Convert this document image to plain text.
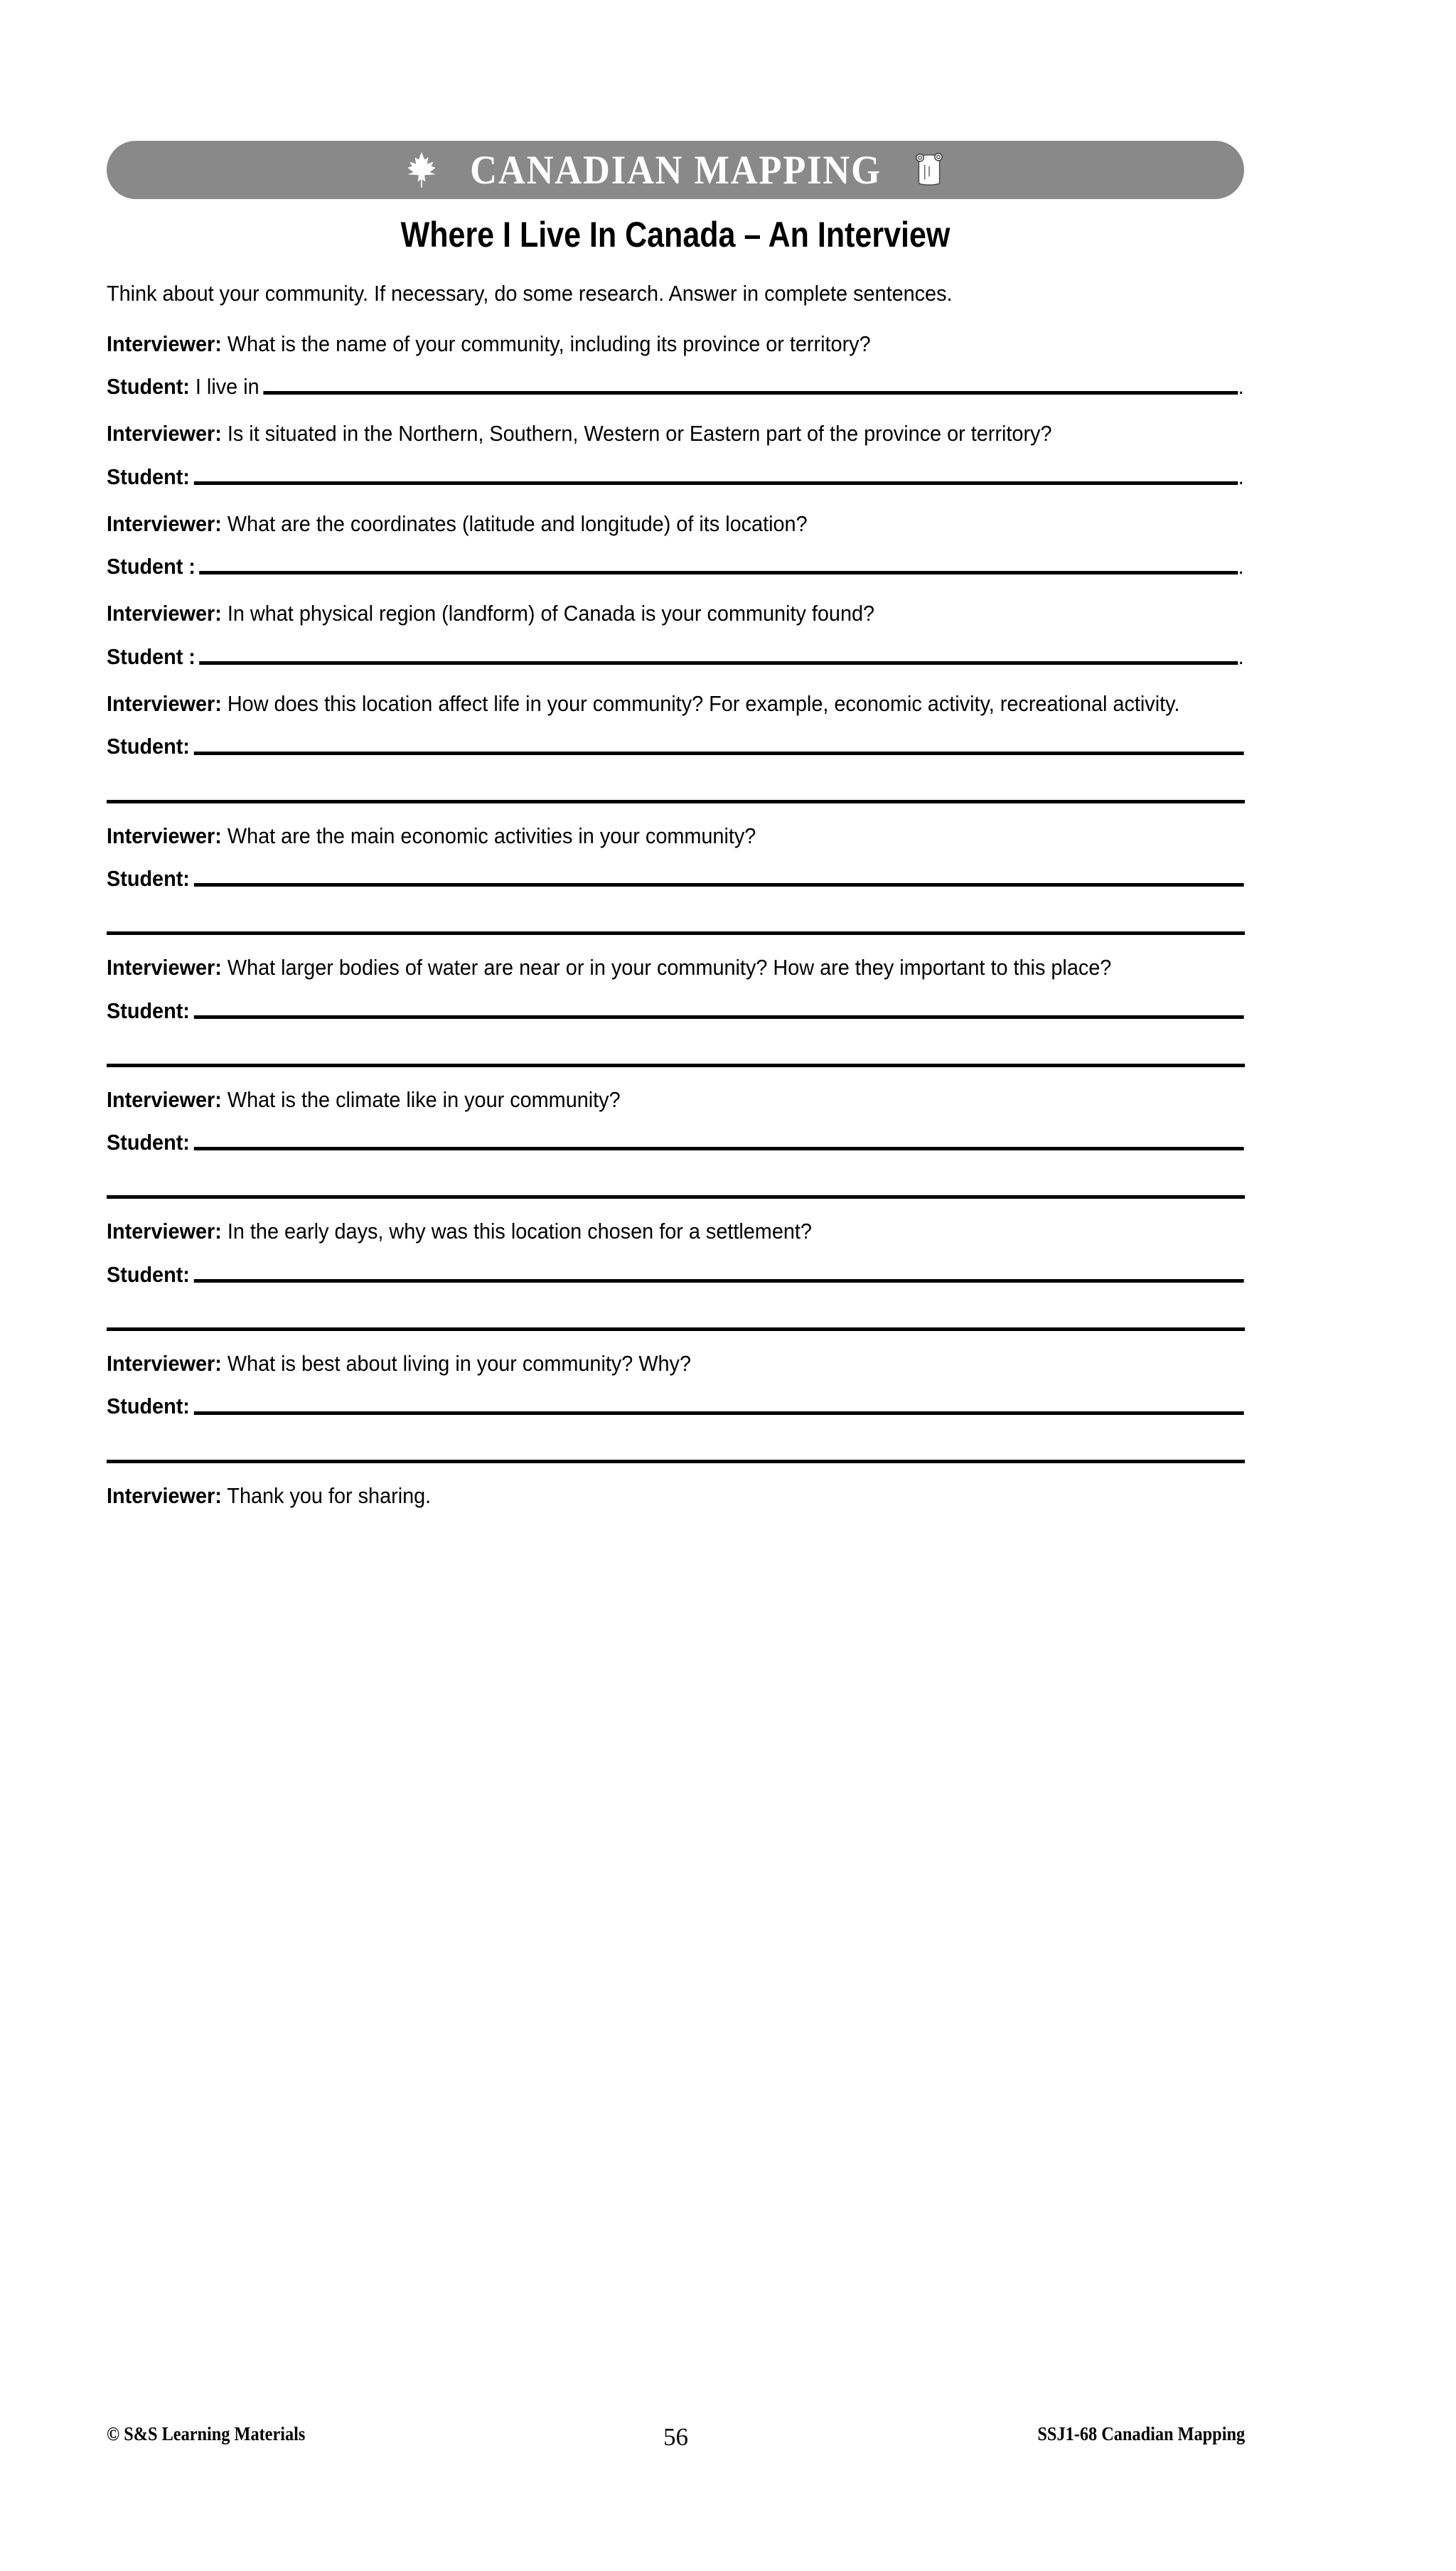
CANADIAN MAPPING
Where I Live In Canada – An Interview

Think about your community. If necessary, do some research. Answer in complete sentences.

Interviewer: What is the name of your community, including its province or territory?
Student: I live in	.
Interviewer: Is it situated in the Northern, Southern, Western or Eastern part of the province or territory?
Student:	.
Interviewer: What are the coordinates (latitude and longitude) of its location?
Student :	.
Interviewer: In what physical region (landform) of Canada is your community found?
Student :	.
Interviewer: How does this location affect life in your community? For example, economic activity, recreational activity.
Student:
Interviewer: What are the main economic activities in your community?
Student:
Interviewer: What larger bodies of water are near or in your community? How are they important to this place?
Student:
Interviewer: What is the climate like in your community?
Student:
Interviewer: In the early days, why was this location chosen for a settlement?
Student:
Interviewer: What is best about living in your community? Why?
Student:
Interviewer: Thank you for sharing.
© S&S Learning Materials	56	SSJ1-68 Canadian Mapping
